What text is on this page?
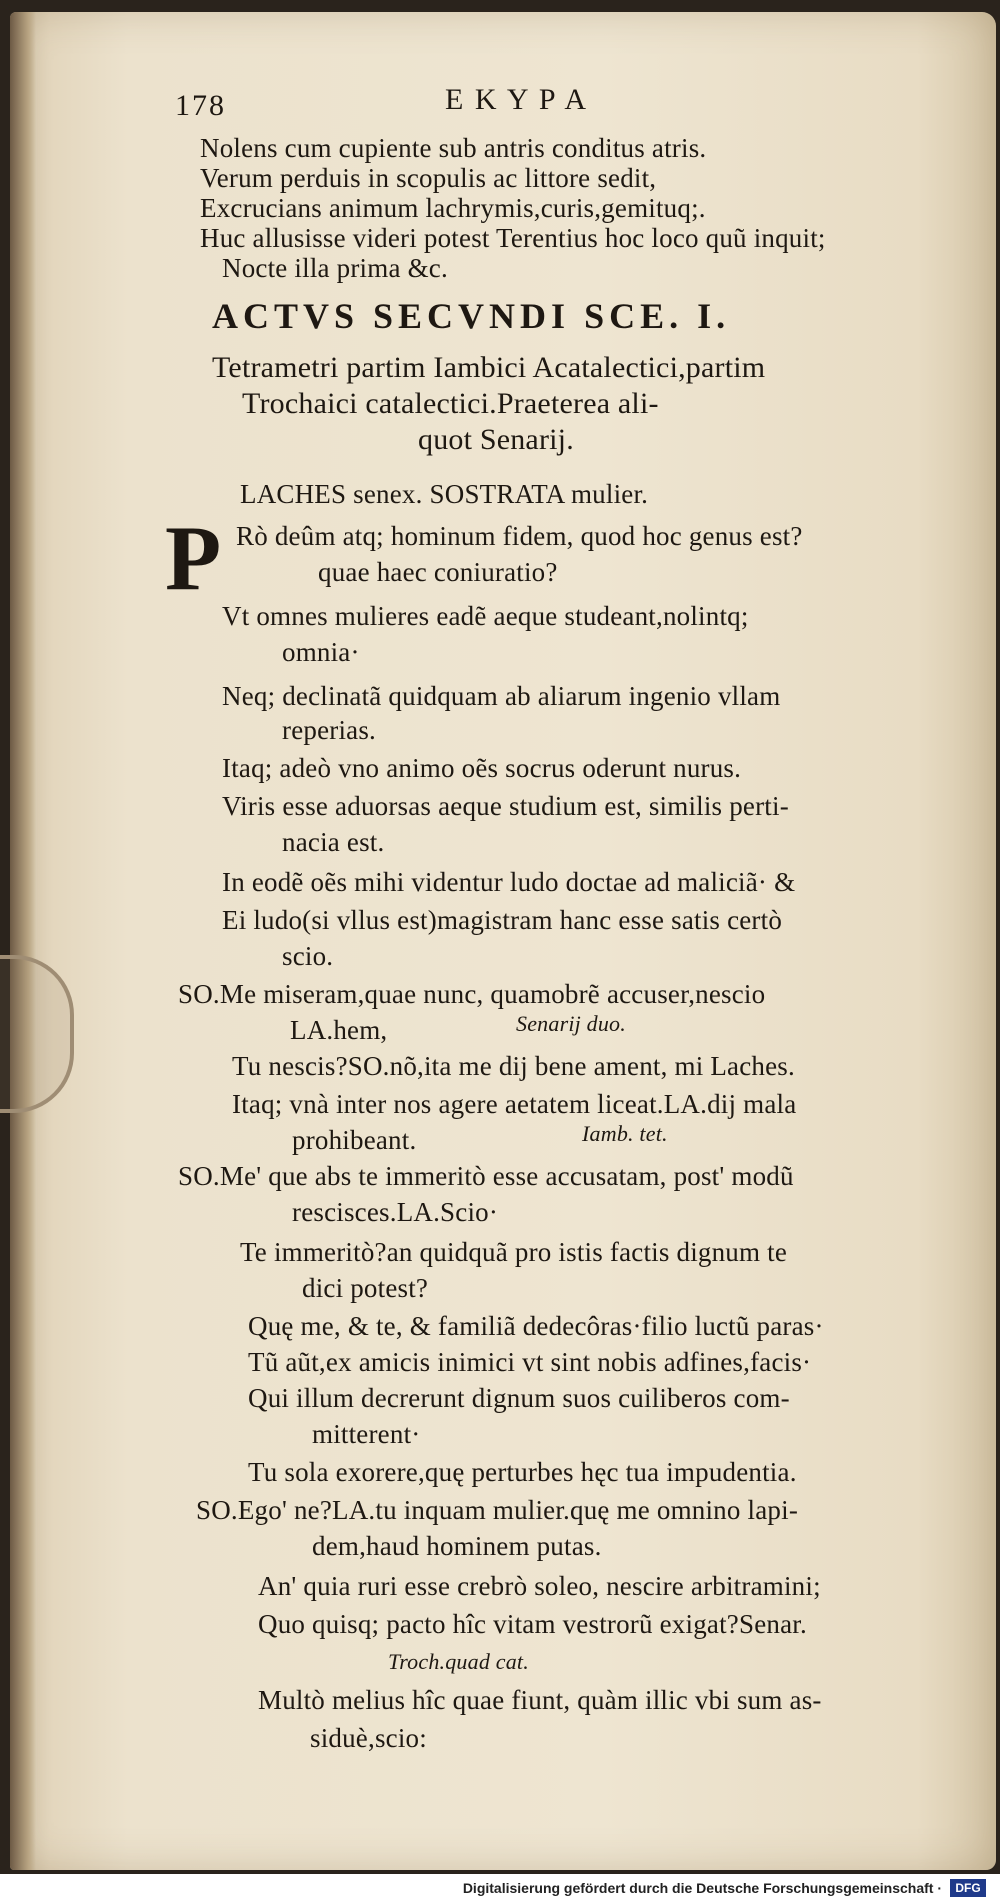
178	E K Y P A
Nolens cum cupiente sub antris conditus atris.
Verum perduis in scopulis ac littore sedit,
Excrucians animum lachrymis,curis,gemituq;.
Huc allusisse videri potest Terentius hoc loco quũ inquit;
Nocte illa prima &c.
ACTVS SECVNDI SCE. I.
Tetrametri partim Iambici Acatalectici,partim
Trochaici catalectici.Praeterea ali-
quot Senarij.
LACHES senex. SOSTRATA mulier.
P Rò deûm atq; hominum fidem, quod hoc genus est?
quae haec coniuratio?
Vt omnes mulieres eadẽ aeque studeant,nolintq;
omnia·
Neq; declinatã quidquam ab aliarum ingenio vllam
reperias.
Itaq; adeò vno animo oẽs socrus oderunt nurus.
Viris esse aduorsas aeque studium est, similis perti-
nacia est.
In eodẽ oẽs mihi videntur ludo doctae ad maliciã· &
Ei ludo(si vllus est)magistram hanc esse satis certò
scio.
SO.Me miseram,quae nunc, quamobrẽ accuser,nescio
LA.hem,	Senarij duo.
Tu nescis?SO.nõ,ita me dij bene ament, mi Laches.
Itaq; vnà inter nos agere aetatem liceat.LA.dij mala
prohibeant.	Iamb. tet.
SO.Me' que abs te immeritò esse accusatam, post' modũ
rescisces.LA.Scio·
Te immeritò?an quidquã pro istis factis dignum te
dici potest?
Quę me, & te, & familiã dedecôras·filio luctũ paras·
Tũ aũt,ex amicis inimici vt sint nobis adfines,facis·
Qui illum decrerunt dignum suos cuiliberos com-
mitterent·
Tu sola exorere,quę perturbes hęc tua impudentia.
SO.Ego' ne?LA.tu inquam mulier.quę me omnino lapi-
dem,haud hominem putas.
An' quia ruri esse crebrò soleo, nescire arbitramini;
Quo quisq; pacto hîc vitam vestrorũ exigat?Senar.
Troch.quad cat.
Multò melius hîc quae fiunt, quàm illic vbi sum as-
siduè,scio:
Digitalisierung gefördert durch die Deutsche Forschungsgemeinschaft ·	DFG
